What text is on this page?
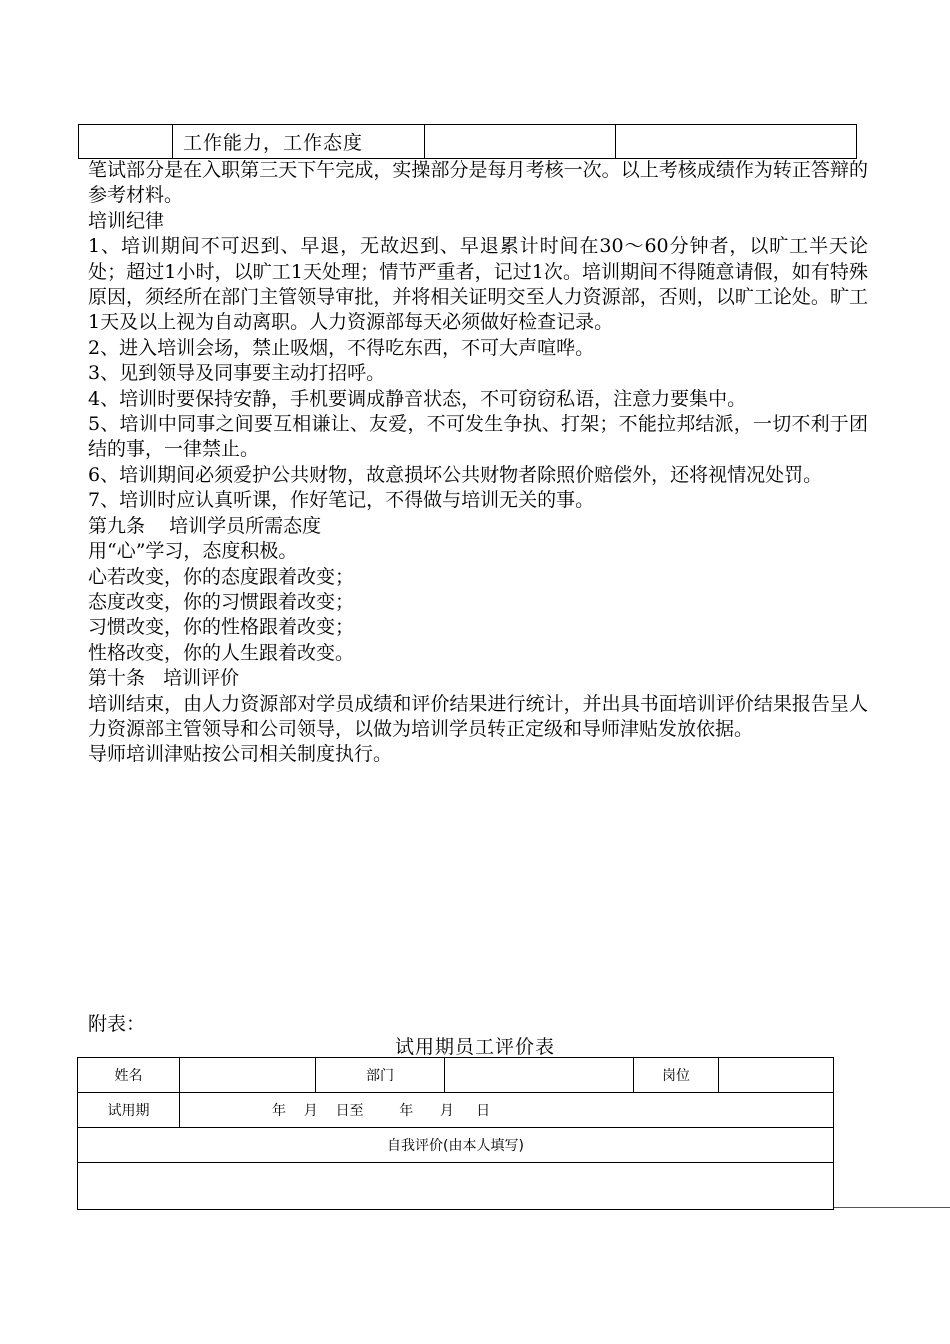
	工作能力，工作态度		

笔试部分是在入职第三天下午完成，实操部分是每月考核一次。以上考核成绩作为转正答辩的参考材料。

培训纪律

1、培训期间不可迟到、早退，无故迟到、早退累计时间在30～60分钟者，以旷工半天论处；超过1小时，以旷工1天处理；情节严重者，记过1次。培训期间不得随意请假，如有特殊原因，须经所在部门主管领导审批，并将相关证明交至人力资源部，否则，以旷工论处。旷工1天及以上视为自动离职。人力资源部每天必须做好检查记录。

2、进入培训会场，禁止吸烟，不得吃东西，不可大声喧哗。

3、见到领导及同事要主动打招呼。

4、培训时要保持安静，手机要调成静音状态，不可窃窃私语，注意力要集中。

5、培训中同事之间要互相谦让、友爱，不可发生争执、打架；不能拉邦结派，一切不利于团结的事，一律禁止。

6、培训期间必须爱护公共财物，故意损坏公共财物者除照价赔偿外，还将视情况处罚。

7、培训时应认真听课，作好笔记，不得做与培训无关的事。

第九条    培训学员所需态度

用“心”学习，态度积极。

心若改变，你的态度跟着改变；

态度改变，你的习惯跟着改变；

习惯改变，你的性格跟着改变；

性格改变，你的人生跟着改变。

第十条   培训评价

培训结束，由人力资源部对学员成绩和评价结果进行统计，并出具书面培训评价结果报告呈人力资源部主管领导和公司领导，以做为培训学员转正定级和导师津贴发放依据。

导师培训津贴按公司相关制度执行。

附表：
试用期员工评价表
姓名		部门		岗位	
试用期	年    月    日至        年      月     日				
自我评价(由本人填写)					
